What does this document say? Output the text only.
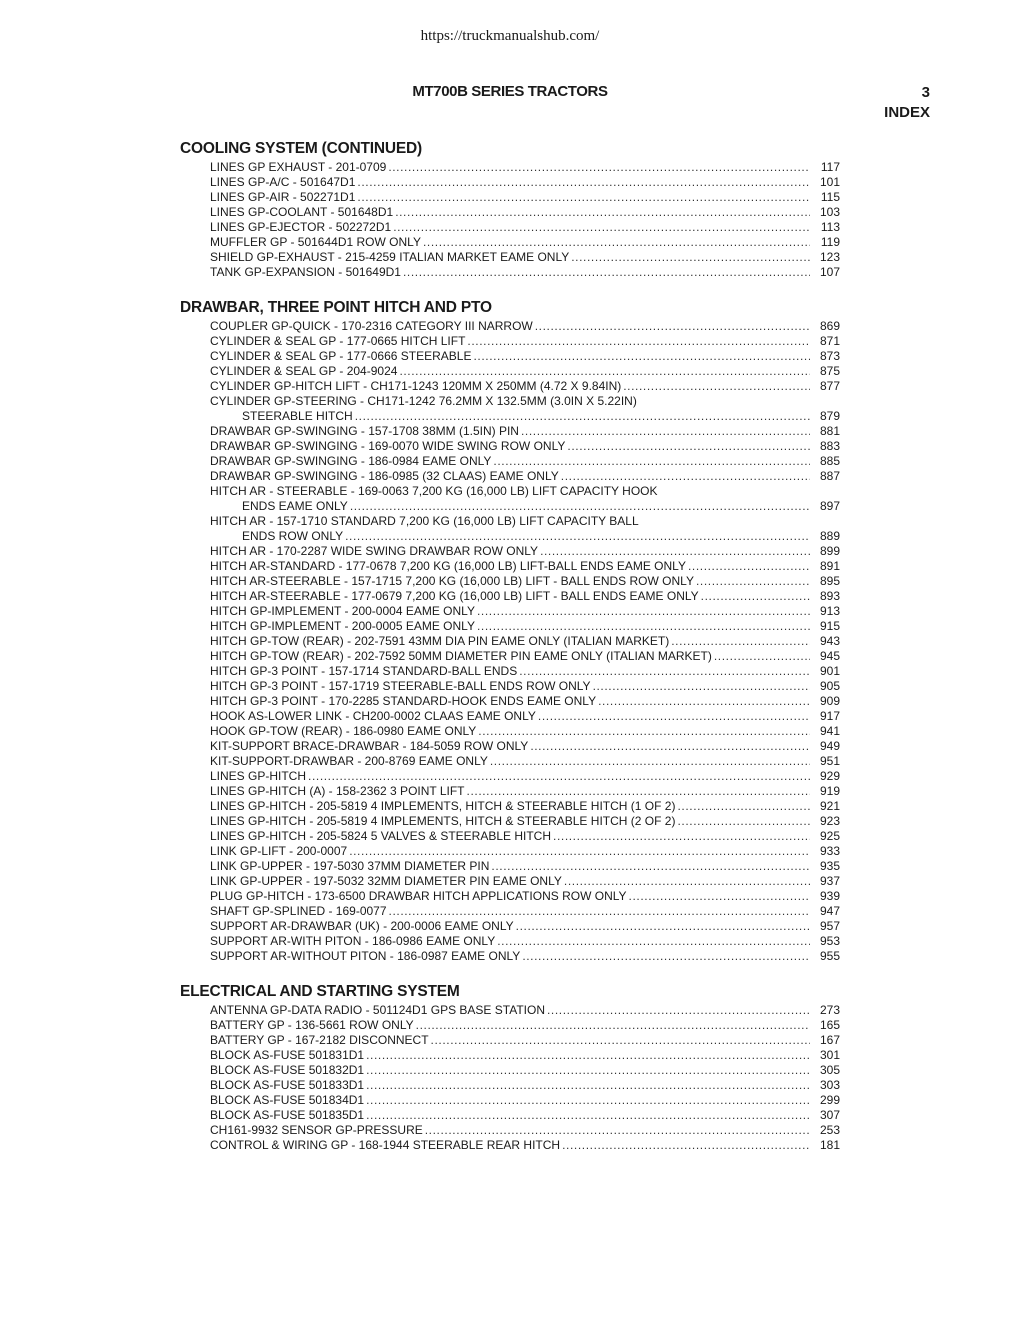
https://truckmanualshub.com/
MT700B SERIES TRACTORS	3
INDEX
COOLING SYSTEM (CONTINUED)
LINES GP EXHAUST - 201-0709 .....	117
LINES GP-A/C - 501647D1 .....	101
LINES GP-AIR - 502271D1 .....	115
LINES GP-COOLANT - 501648D1 .....	103
LINES GP-EJECTOR - 502272D1 .....	113
MUFFLER GP - 501644D1 ROW ONLY .....	119
SHIELD GP-EXHAUST - 215-4259 ITALIAN MARKET EAME ONLY .....	123
TANK GP-EXPANSION - 501649D1 .....	107
DRAWBAR, THREE POINT HITCH AND PTO
COUPLER GP-QUICK - 170-2316 CATEGORY III NARROW .....	869
CYLINDER & SEAL GP - 177-0665 HITCH LIFT .....	871
CYLINDER & SEAL GP - 177-0666 STEERABLE .....	873
CYLINDER & SEAL GP - 204-9024 .....	875
CYLINDER GP-HITCH LIFT - CH171-1243 120MM X 250MM (4.72 X 9.84IN) .....	877
CYLINDER GP-STEERING - CH171-1242 76.2MM X 132.5MM (3.0IN X 5.22IN)
STEERABLE HITCH .....	879
DRAWBAR GP-SWINGING - 157-1708 38MM (1.5IN) PIN .....	881
DRAWBAR GP-SWINGING - 169-0070 WIDE SWING ROW ONLY .....	883
DRAWBAR GP-SWINGING - 186-0984 EAME ONLY .....	885
DRAWBAR GP-SWINGING - 186-0985 (32 CLAAS) EAME ONLY .....	887
HITCH AR - STEERABLE - 169-0063 7,200 KG (16,000 LB) LIFT CAPACITY HOOK
ENDS EAME ONLY .....	897
HITCH AR - 157-1710 STANDARD 7,200 KG (16,000 LB) LIFT CAPACITY BALL
ENDS ROW ONLY .....	889
HITCH AR - 170-2287 WIDE SWING DRAWBAR ROW ONLY .....	899
HITCH AR-STANDARD - 177-0678 7,200 KG (16,000 LB) LIFT-BALL ENDS EAME ONLY .....	891
HITCH AR-STEERABLE - 157-1715 7,200 KG (16,000 LB) LIFT - BALL ENDS ROW ONLY .....	895
HITCH AR-STEERABLE - 177-0679 7,200 KG (16,000 LB) LIFT - BALL ENDS EAME ONLY .....	893
HITCH GP-IMPLEMENT - 200-0004 EAME ONLY .....	913
HITCH GP-IMPLEMENT - 200-0005 EAME ONLY .....	915
HITCH GP-TOW (REAR) - 202-7591 43MM DIA PIN EAME ONLY (ITALIAN MARKET) .....	943
HITCH GP-TOW (REAR) - 202-7592 50MM DIAMETER PIN EAME ONLY (ITALIAN MARKET) .....	945
HITCH GP-3 POINT - 157-1714 STANDARD-BALL ENDS .....	901
HITCH GP-3 POINT - 157-1719 STEERABLE-BALL ENDS ROW ONLY .....	905
HITCH GP-3 POINT - 170-2285 STANDARD-HOOK ENDS EAME ONLY .....	909
HOOK AS-LOWER LINK - CH200-0002 CLAAS EAME ONLY .....	917
HOOK GP-TOW (REAR) - 186-0980 EAME ONLY .....	941
KIT-SUPPORT BRACE-DRAWBAR - 184-5059 ROW ONLY .....	949
KIT-SUPPORT-DRAWBAR - 200-8769 EAME ONLY .....	951
LINES GP-HITCH .....	929
LINES GP-HITCH (A) - 158-2362 3 POINT LIFT .....	919
LINES GP-HITCH - 205-5819 4 IMPLEMENTS, HITCH & STEERABLE HITCH (1 OF 2) .....	921
LINES GP-HITCH - 205-5819 4 IMPLEMENTS, HITCH & STEERABLE HITCH (2 OF 2) .....	923
LINES GP-HITCH - 205-5824 5 VALVES & STEERABLE HITCH .....	925
LINK GP-LIFT - 200-0007 .....	933
LINK GP-UPPER - 197-5030 37MM DIAMETER PIN .....	935
LINK GP-UPPER - 197-5032 32MM DIAMETER PIN EAME ONLY .....	937
PLUG GP-HITCH - 173-6500 DRAWBAR HITCH APPLICATIONS ROW ONLY .....	939
SHAFT GP-SPLINED - 169-0077 .....	947
SUPPORT AR-DRAWBAR (UK) - 200-0006 EAME ONLY .....	957
SUPPORT AR-WITH PITON - 186-0986 EAME ONLY .....	953
SUPPORT AR-WITHOUT PITON - 186-0987 EAME ONLY .....	955
ELECTRICAL AND STARTING SYSTEM
ANTENNA GP-DATA RADIO - 501124D1 GPS BASE STATION .....	273
BATTERY GP - 136-5661 ROW ONLY .....	165
BATTERY GP - 167-2182 DISCONNECT .....	167
BLOCK AS-FUSE 501831D1 .....	301
BLOCK AS-FUSE 501832D1 .....	305
BLOCK AS-FUSE 501833D1 .....	303
BLOCK AS-FUSE 501834D1 .....	299
BLOCK AS-FUSE 501835D1 .....	307
CH161-9932 SENSOR GP-PRESSURE .....	253
CONTROL & WIRING GP - 168-1944 STEERABLE REAR HITCH .....	181
